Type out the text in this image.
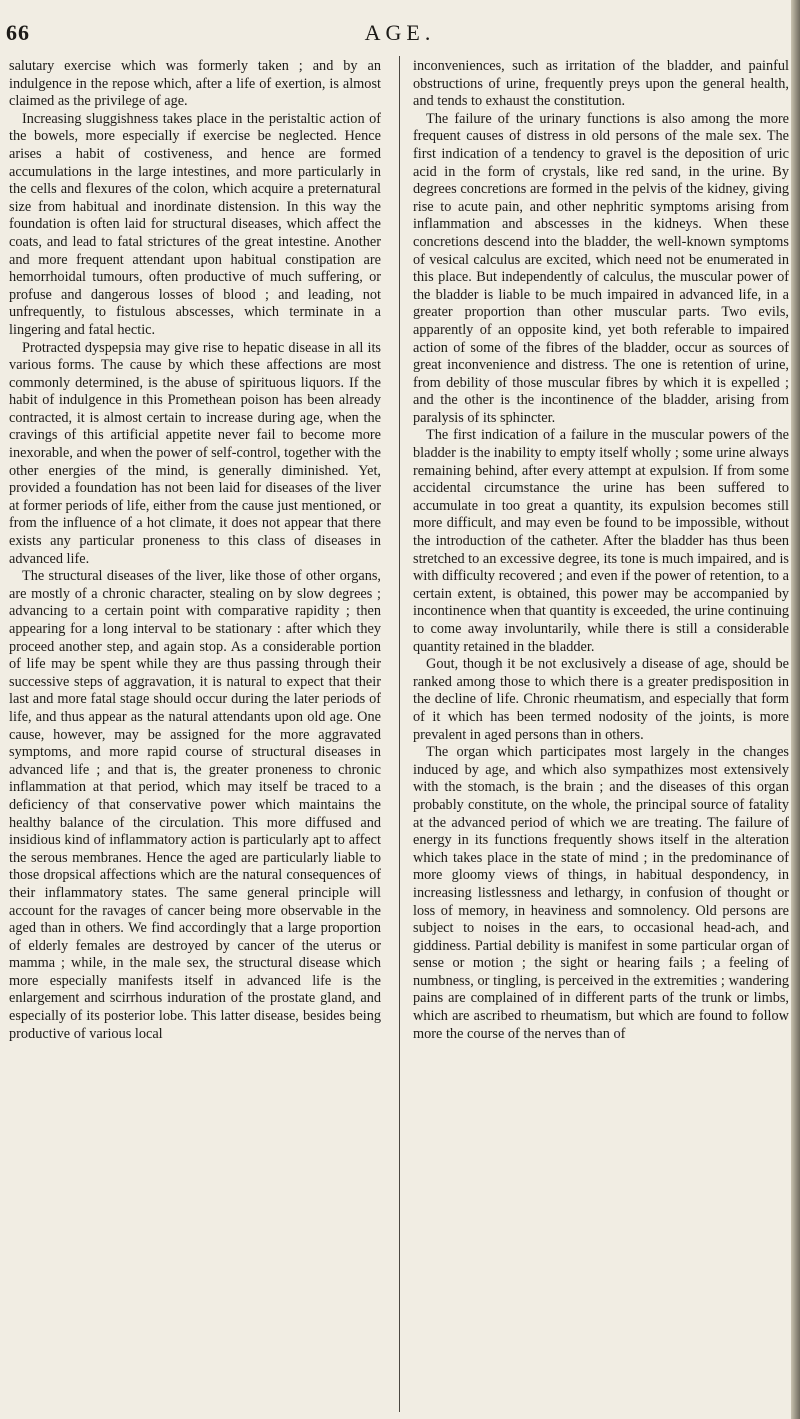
66	AGE.

salutary exercise which was formerly taken ; and by an indulgence in the repose which, after a life of exertion, is almost claimed as the privilege of age.

Increasing sluggishness takes place in the peristaltic action of the bowels, more especially if exercise be neglected. Hence arises a habit of costiveness, and hence are formed accumulations in the large intestines, and more particularly in the cells and flexures of the colon, which acquire a preternatural size from habitual and inordinate distension. In this way the foundation is often laid for structural diseases, which affect the coats, and lead to fatal strictures of the great intestine. Another and more frequent attendant upon habitual constipation are hemorrhoidal tumours, often productive of much suffering, or profuse and dangerous losses of blood ; and leading, not unfrequently, to fistulous abscesses, which terminate in a lingering and fatal hectic.

Protracted dyspepsia may give rise to hepatic disease in all its various forms. The cause by which these affections are most commonly determined, is the abuse of spirituous liquors. If the habit of indulgence in this Promethean poison has been already contracted, it is almost certain to increase during age, when the cravings of this artificial appetite never fail to become more inexorable, and when the power of self-control, together with the other energies of the mind, is generally diminished. Yet, provided a foundation has not been laid for diseases of the liver at former periods of life, either from the cause just mentioned, or from the influence of a hot climate, it does not appear that there exists any particular proneness to this class of diseases in advanced life.

The structural diseases of the liver, like those of other organs, are mostly of a chronic character, stealing on by slow degrees ; advancing to a certain point with comparative rapidity ; then appearing for a long interval to be stationary : after which they proceed another step, and again stop. As a considerable portion of life may be spent while they are thus passing through their successive steps of aggravation, it is natural to expect that their last and more fatal stage should occur during the later periods of life, and thus appear as the natural attendants upon old age. One cause, however, may be assigned for the more aggravated symptoms, and more rapid course of structural diseases in advanced life ; and that is, the greater proneness to chronic inflammation at that period, which may itself be traced to a deficiency of that conservative power which maintains the healthy balance of the circulation. This more diffused and insidious kind of inflammatory action is particularly apt to affect the serous membranes. Hence the aged are particularly liable to those dropsical affections which are the natural consequences of their inflammatory states. The same general principle will account for the ravages of cancer being more observable in the aged than in others. We find accordingly that a large proportion of elderly females are destroyed by cancer of the uterus or mamma ; while, in the male sex, the structural disease which more especially manifests itself in advanced life is the enlargement and scirrhous induration of the prostate gland, and especially of its posterior lobe. This latter disease, besides being productive of various local

inconveniences, such as irritation of the bladder, and painful obstructions of urine, frequently preys upon the general health, and tends to exhaust the constitution.

The failure of the urinary functions is also among the more frequent causes of distress in old persons of the male sex. The first indication of a tendency to gravel is the deposition of uric acid in the form of crystals, like red sand, in the urine. By degrees concretions are formed in the pelvis of the kidney, giving rise to acute pain, and other nephritic symptoms arising from inflammation and abscesses in the kidneys. When these concretions descend into the bladder, the well-known symptoms of vesical calculus are excited, which need not be enumerated in this place. But independently of calculus, the muscular power of the bladder is liable to be much impaired in advanced life, in a greater proportion than other muscular parts. Two evils, apparently of an opposite kind, yet both referable to impaired action of some of the fibres of the bladder, occur as sources of great inconvenience and distress. The one is retention of urine, from debility of those muscular fibres by which it is expelled ; and the other is the incontinence of the bladder, arising from paralysis of its sphincter.

The first indication of a failure in the muscular powers of the bladder is the inability to empty itself wholly ; some urine always remaining behind, after every attempt at expulsion. If from some accidental circumstance the urine has been suffered to accumulate in too great a quantity, its expulsion becomes still more difficult, and may even be found to be impossible, without the introduction of the catheter. After the bladder has thus been stretched to an excessive degree, its tone is much impaired, and is with difficulty recovered ; and even if the power of retention, to a certain extent, is obtained, this power may be accompanied by incontinence when that quantity is exceeded, the urine continuing to come away involuntarily, while there is still a considerable quantity retained in the bladder.

Gout, though it be not exclusively a disease of age, should be ranked among those to which there is a greater predisposition in the decline of life. Chronic rheumatism, and especially that form of it which has been termed nodosity of the joints, is more prevalent in aged persons than in others.

The organ which participates most largely in the changes induced by age, and which also sympathizes most extensively with the stomach, is the brain ; and the diseases of this organ probably constitute, on the whole, the principal source of fatality at the advanced period of which we are treating. The failure of energy in its functions frequently shows itself in the alteration which takes place in the state of mind ; in the predominance of more gloomy views of things, in habitual despondency, in increasing listlessness and lethargy, in confusion of thought or loss of memory, in heaviness and somnolency. Old persons are subject to noises in the ears, to occasional head-ach, and giddiness. Partial debility is manifest in some particular organ of sense or motion ; the sight or hearing fails ; a feeling of numbness, or tingling, is perceived in the extremities ; wandering pains are complained of in different parts of the trunk or limbs, which are ascribed to rheumatism, but which are found to follow more the course of the nerves than of
